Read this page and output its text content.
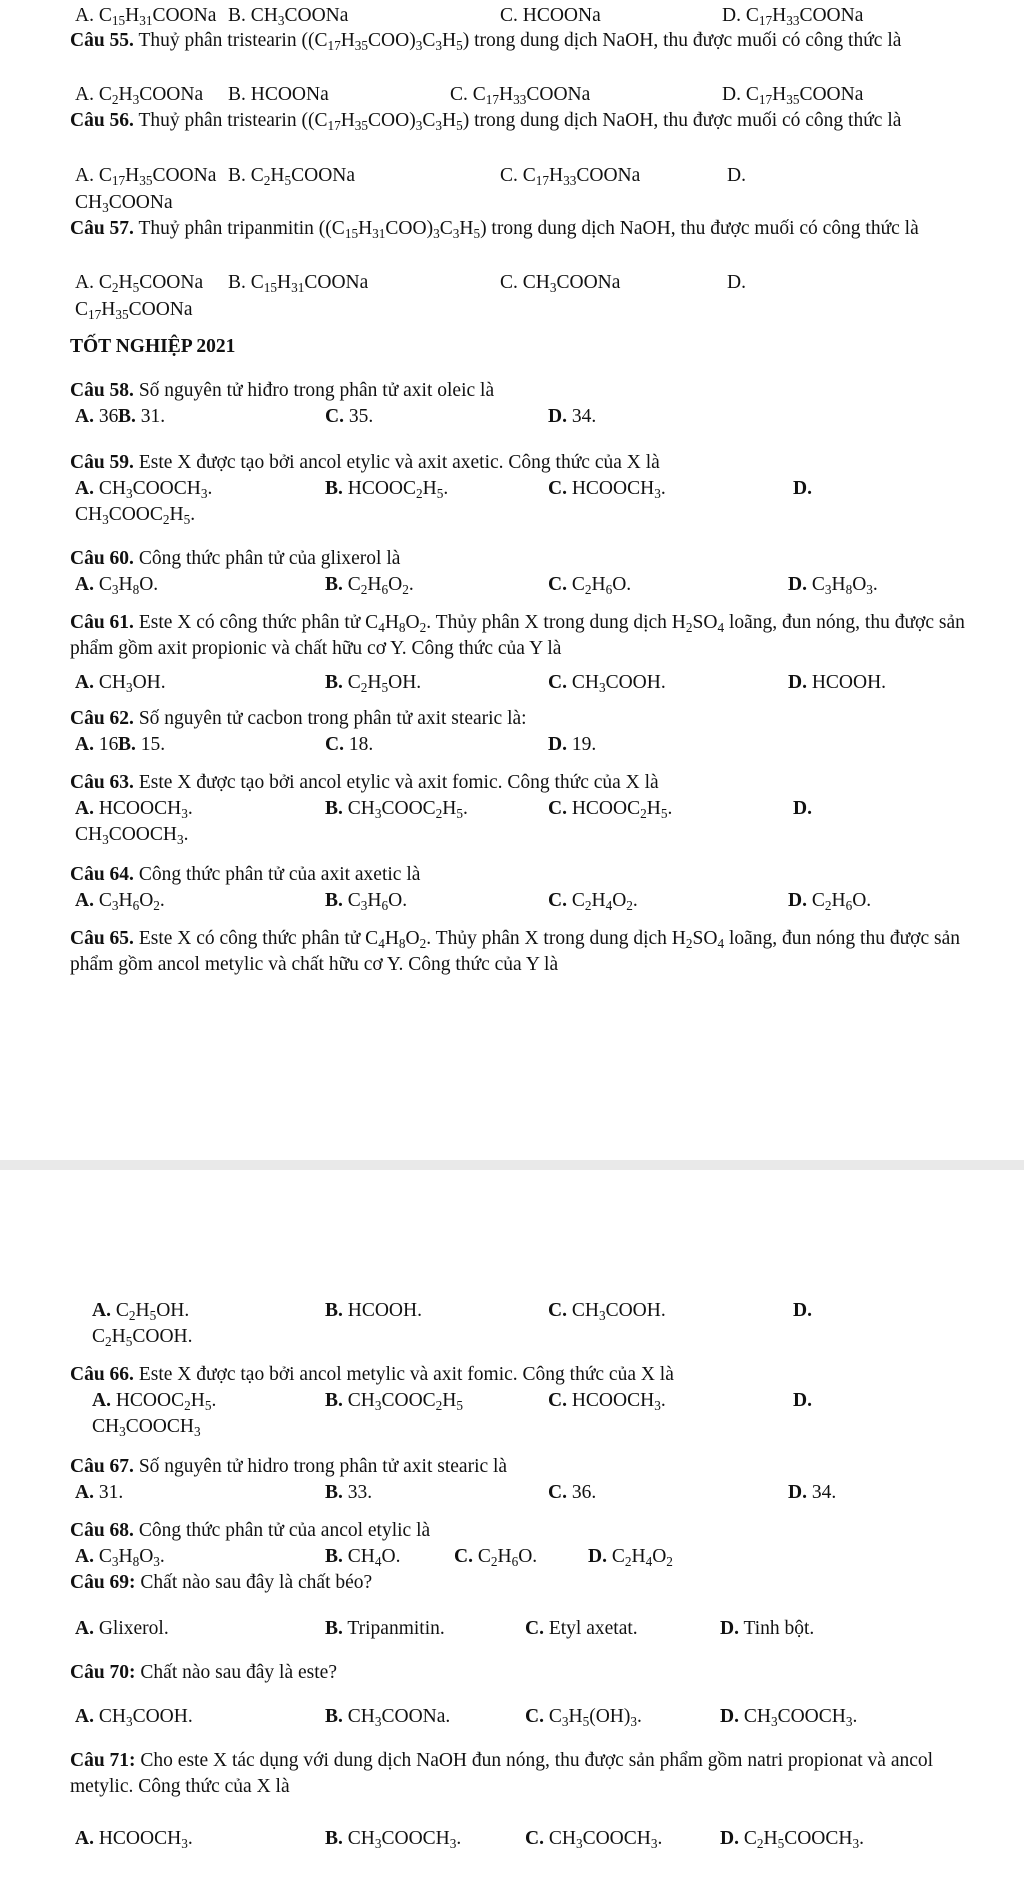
A. $C_{15}H_{31}COONa$ B. $CH_3COONa$	C. HCOONa	D. $C_{17}H_{33}COONa$
Câu 55. Thuỷ phân tristearin $((C_{17}H_{35}COO)_3C_3H_5)$ trong dung dịch NaOH, thu được muối có công thức là
A. $C_2H_3COONa$ B. HCOONa	C. $C_{17}H_{33}COONa$	D. $C_{17}H_{35}COONa$
Câu 56. Thuỷ phân tristearin $((C_{17}H_{35}COO)_3C_3H_5)$ trong dung dịch NaOH, thu được muối có công thức là
$CH_3COONa$
A. $C_{17}H_{35}COONa$ B. $C_2H_5COONa$	C. $C_{17}H_{33}COONa$	D.
Câu 57. Thuỷ phân tripanmitin $((C_{15}H_{31}COO)_3C_3H_5)$ trong dung dịch NaOH, thu được muối có công thức là
$C_{17}H_{35}COONa$
A. $C_2H_5COONa$ B. $C_{15}H_{31}COONa$	C. $CH_3COONa$	D.
Câu 58. Số nguyên tử hiđro trong phân tử axit oleic là
A. 36.
B. 31.	C. 35.	D. 34.
Câu 59. Este X được tạo bởi ancol etylic và axit axetic. Công thức của X là
$CH_3COOC_2H_5$.
A. $CH_3COOCH_3$.	B. $HCOOC_2H_5$.	C. $HCOOCH_3$.	D.
Câu 60. Công thức phân tử của glixerol là
A. $C_3H_8O$.	B. $C_2H_6O_2$.	C. $C_2H_6O$.	D. $C_3H_8O_3$.
Câu 61. Este X có công thức phân tử $C_4H_8O_2$. Thủy phân X trong dung dịch $H_2SO_4$ loãng, đun nóng, thu được sản phẩm gồm axit propionic và chất hữu cơ Y. Công thức của Y là
A. $CH_3OH$.	B. $C_2H_5OH$.	C. $CH_3COOH$.	D. HCOOH.
Câu 62. Số nguyên tử cacbon trong phân tử axit stearic là:
A. 16.
B. 15.	C. 18.	D. 19.
Câu 63. Este X được tạo bởi ancol etylic và axit fomic. Công thức của X là
$CH_3COOCH_3$.
A. $HCOOCH_3$.	B. $CH_3COOC_2H_5$.	C. $HCOOC_2H_5$.	D.
Câu 64. Công thức phân tử của axit axetic là
A. $C_3H_6O_2$.	B. $C_3H_6O$.	C. $C_2H_4O_2$.	D. $C_2H_6O$.
Câu 65. Este X có công thức phân tử $C_4H_8O_2$. Thủy phân X trong dung dịch $H_2SO_4$ loãng, đun nóng thu được sản phẩm gồm ancol metylic và chất hữu cơ Y. Công thức của Y là
$C_2H_5COOH$.
A. $C_2H_5OH$.	B. HCOOH.	C. $CH_3COOH$.	D.
Câu 66. Este X được tạo bởi ancol metylic và axit fomic. Công thức của X là
$CH_3COOCH_3$
A. $HCOOC_2H_5$.	B. $CH_3COOC_2H_5$	C. $HCOOCH_3$.	D.
Câu 67. Số nguyên tử hidro trong phân tử axit stearic là
A. 31.	B. 33.	C. 36.	D. 34.
Câu 68. Công thức phân tử của ancol etylic là
A. $C_3H_8O_3$.	B. $CH_4O$.	C. $C_2H_6O$.	D. $C_2H_4O_2$
Câu 69: Chất nào sau đây là chất béo?
A. Glixerol.	B. Tripanmitin.	C. Etyl axetat.	D. Tinh bột.
Câu 70: Chất nào sau đây là este?
A. $CH_3COOH$.	B. $CH_3COONa$.	C. $C_3H_5(OH)_3$.	D. $CH_3COOCH_3$.
Câu 71: Cho este X tác dụng với dung dịch NaOH đun nóng, thu được sản phẩm gồm natri propionat và ancol metylic. Công thức của X là
A. $HCOOCH_3$.	B. $CH_3COOCH_3$.	C. $CH_3COOCH_3$.	D. $C_2H_5COOCH_3$.
TỐT NGHIỆP 2021
